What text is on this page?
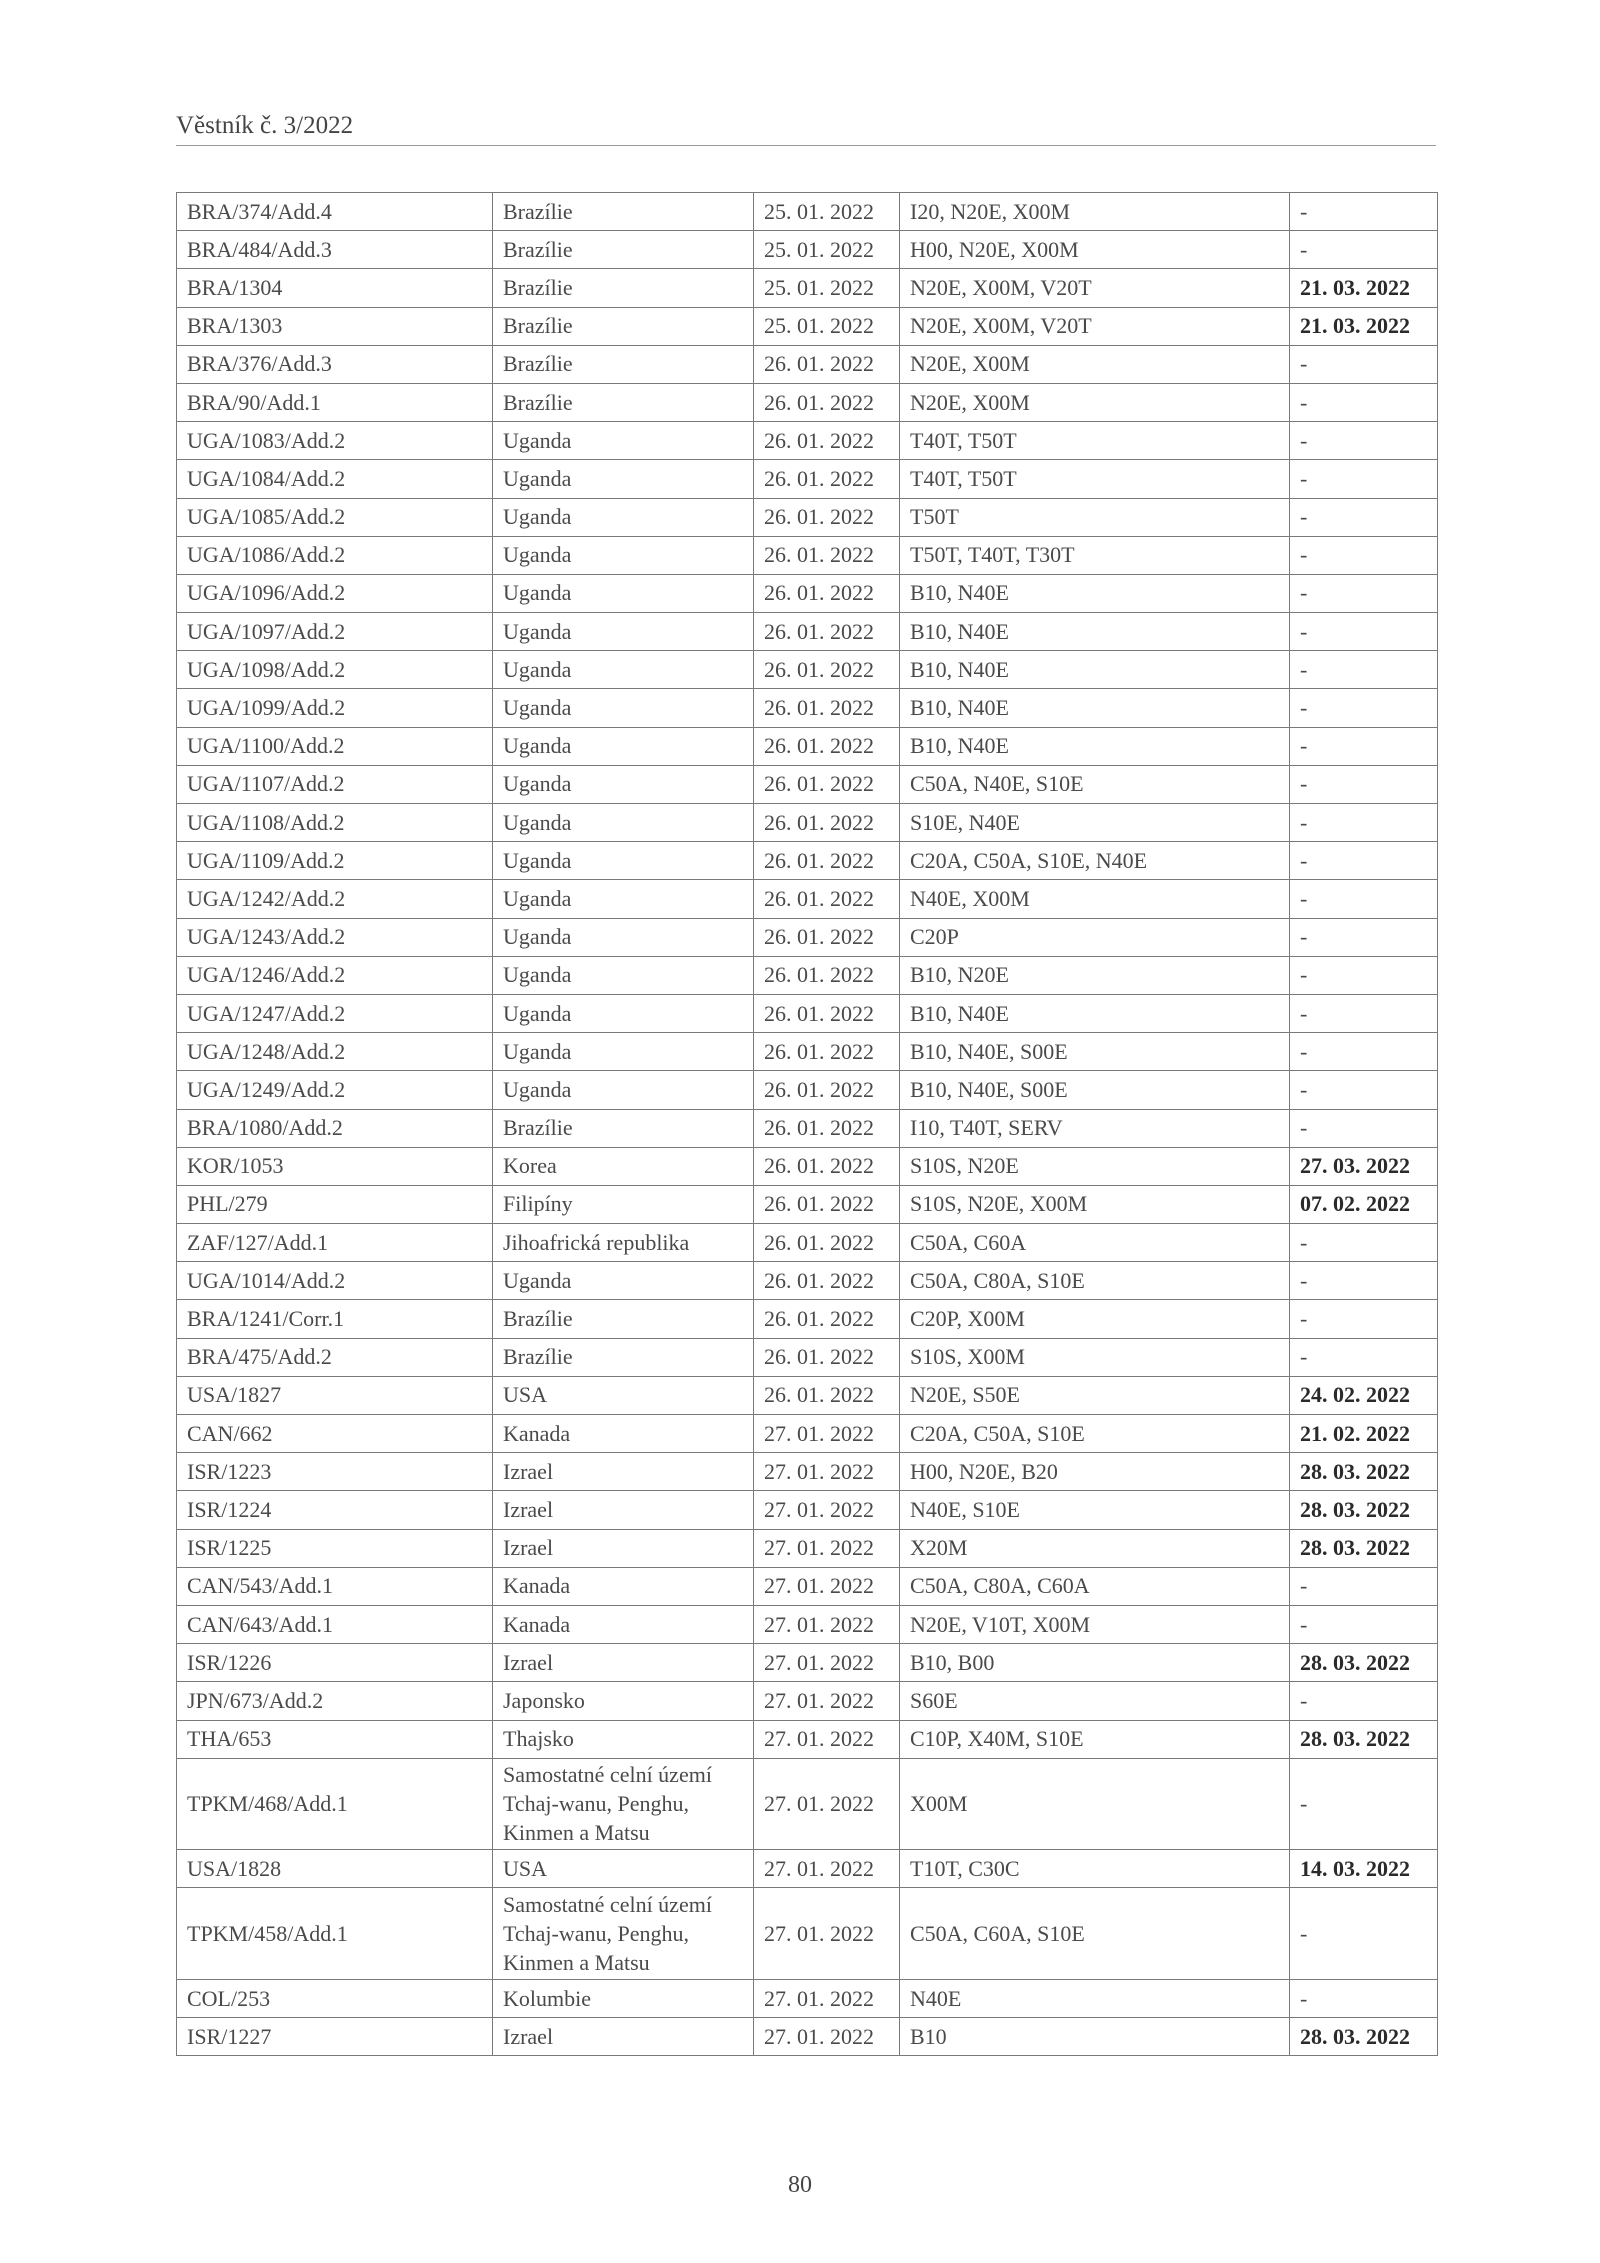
Věstník č. 3/2022
BRA/374/Add.4	Brazílie	25. 01. 2022	I20, N20E, X00M	-
BRA/484/Add.3	Brazílie	25. 01. 2022	H00, N20E, X00M	-
BRA/1304	Brazílie	25. 01. 2022	N20E, X00M, V20T	21. 03. 2022
BRA/1303	Brazílie	25. 01. 2022	N20E, X00M, V20T	21. 03. 2022
BRA/376/Add.3	Brazílie	26. 01. 2022	N20E, X00M	-
BRA/90/Add.1	Brazílie	26. 01. 2022	N20E, X00M	-
UGA/1083/Add.2	Uganda	26. 01. 2022	T40T, T50T	-
UGA/1084/Add.2	Uganda	26. 01. 2022	T40T, T50T	-
UGA/1085/Add.2	Uganda	26. 01. 2022	T50T	-
UGA/1086/Add.2	Uganda	26. 01. 2022	T50T, T40T, T30T	-
UGA/1096/Add.2	Uganda	26. 01. 2022	B10, N40E	-
UGA/1097/Add.2	Uganda	26. 01. 2022	B10, N40E	-
UGA/1098/Add.2	Uganda	26. 01. 2022	B10, N40E	-
UGA/1099/Add.2	Uganda	26. 01. 2022	B10, N40E	-
UGA/1100/Add.2	Uganda	26. 01. 2022	B10, N40E	-
UGA/1107/Add.2	Uganda	26. 01. 2022	C50A, N40E, S10E	-
UGA/1108/Add.2	Uganda	26. 01. 2022	S10E, N40E	-
UGA/1109/Add.2	Uganda	26. 01. 2022	C20A, C50A, S10E, N40E	-
UGA/1242/Add.2	Uganda	26. 01. 2022	N40E, X00M	-
UGA/1243/Add.2	Uganda	26. 01. 2022	C20P	-
UGA/1246/Add.2	Uganda	26. 01. 2022	B10, N20E	-
UGA/1247/Add.2	Uganda	26. 01. 2022	B10, N40E	-
UGA/1248/Add.2	Uganda	26. 01. 2022	B10, N40E, S00E	-
UGA/1249/Add.2	Uganda	26. 01. 2022	B10, N40E, S00E	-
BRA/1080/Add.2	Brazílie	26. 01. 2022	I10, T40T, SERV	-
KOR/1053	Korea	26. 01. 2022	S10S, N20E	27. 03. 2022
PHL/279	Filipíny	26. 01. 2022	S10S, N20E, X00M	07. 02. 2022
ZAF/127/Add.1	Jihoafrická republika	26. 01. 2022	C50A, C60A	-
UGA/1014/Add.2	Uganda	26. 01. 2022	C50A, C80A, S10E	-
BRA/1241/Corr.1	Brazílie	26. 01. 2022	C20P, X00M	-
BRA/475/Add.2	Brazílie	26. 01. 2022	S10S, X00M	-
USA/1827	USA	26. 01. 2022	N20E, S50E	24. 02. 2022
CAN/662	Kanada	27. 01. 2022	C20A, C50A, S10E	21. 02. 2022
ISR/1223	Izrael	27. 01. 2022	H00, N20E, B20	28. 03. 2022
ISR/1224	Izrael	27. 01. 2022	N40E, S10E	28. 03. 2022
ISR/1225	Izrael	27. 01. 2022	X20M	28. 03. 2022
CAN/543/Add.1	Kanada	27. 01. 2022	C50A, C80A, C60A	-
CAN/643/Add.1	Kanada	27. 01. 2022	N20E, V10T, X00M	-
ISR/1226	Izrael	27. 01. 2022	B10, B00	28. 03. 2022
JPN/673/Add.2	Japonsko	27. 01. 2022	S60E	-
THA/653	Thajsko	27. 01. 2022	C10P, X40M, S10E	28. 03. 2022
TPKM/468/Add.1	Samostatné celní území Tchaj-wanu, Penghu, Kinmen a Matsu	27. 01. 2022	X00M	-
USA/1828	USA	27. 01. 2022	T10T, C30C	14. 03. 2022
TPKM/458/Add.1	Samostatné celní území Tchaj-wanu, Penghu, Kinmen a Matsu	27. 01. 2022	C50A, C60A, S10E	-
COL/253	Kolumbie	27. 01. 2022	N40E	-
ISR/1227	Izrael	27. 01. 2022	B10	28. 03. 2022
80
